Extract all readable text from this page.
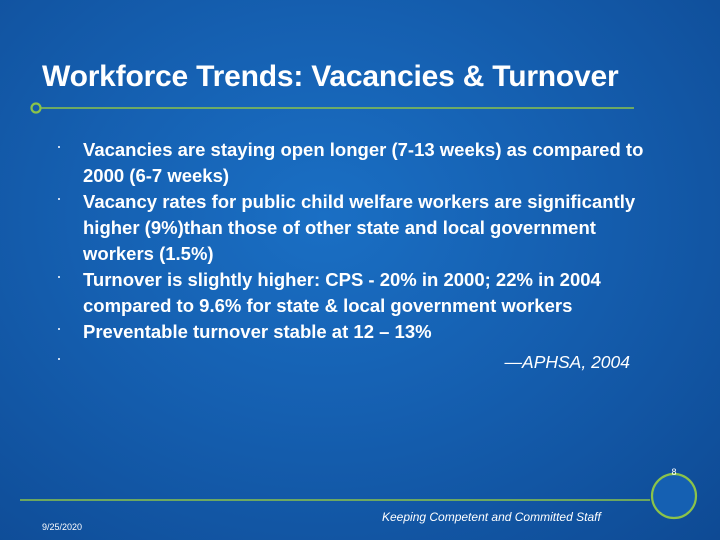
Workforce Trends: Vacancies & Turnover
Vacancies are staying open longer (7-13 weeks) as compared to 2000 (6-7 weeks)
Vacancy rates for public child welfare workers are significantly higher (9%)than those of other state and local government workers (1.5%)
Turnover is slightly higher: CPS - 20% in 2000; 22% in 2004 compared to 9.6% for state & local government workers
Preventable turnover stable at 12 – 13%
—APHSA, 2004
8
Keeping Competent and Committed Staff
9/25/2020
